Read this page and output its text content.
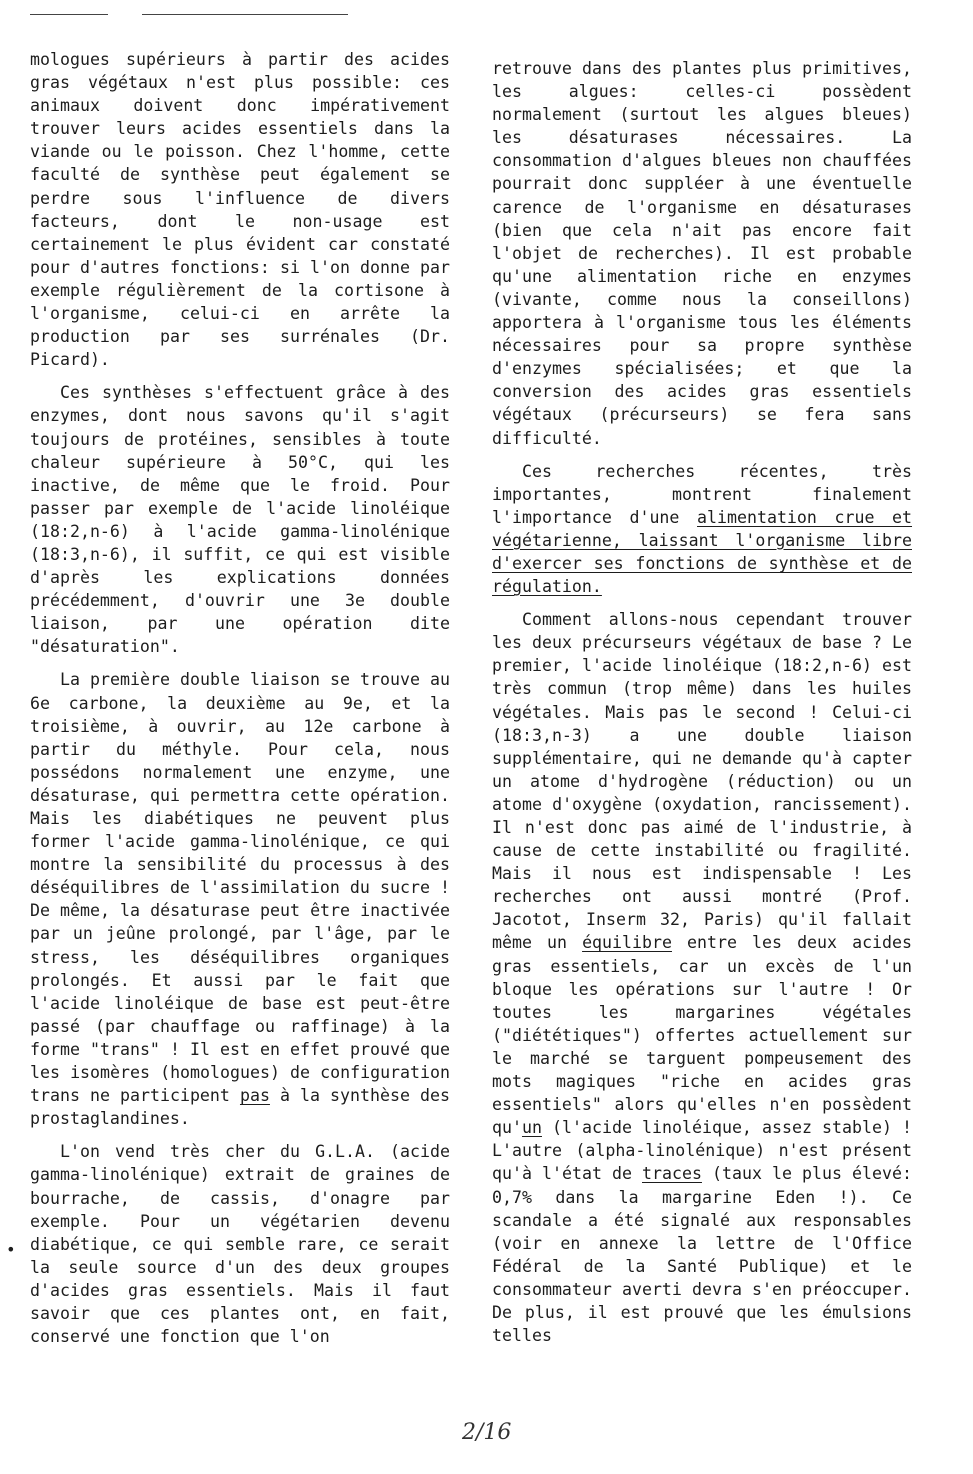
mologues supérieurs à partir des acides gras végétaux n'est plus possible: ces animaux doivent donc impérativement trouver leurs acides essentiels dans la viande ou le poisson. Chez l'homme, cette faculté de synthèse peut également se perdre sous l'influence de divers facteurs, dont le non-usage est certainement le plus évident car constaté pour d'autres fonctions: si l'on donne par exemple régulièrement de la cortisone à l'organisme, celui-ci en arrête la production par ses surrénales (Dr. Picard).

Ces synthèses s'effectuent grâce à des enzymes, dont nous savons qu'il s'agit toujours de protéines, sensibles à toute chaleur supérieure à 50°C, qui les inactive, de même que le froid. Pour passer par exemple de l'acide linoléique (18:2,n-6) à l'acide gamma-linolénique (18:3,n-6), il suffit, ce qui est visible d'après les explications données précédemment, d'ouvrir une 3e double liaison, par une opération dite "désaturation".

La première double liaison se trouve au 6e carbone, la deuxième au 9e, et la troisième, à ouvrir, au 12e carbone à partir du méthyle. Pour cela, nous possédons normalement une enzyme, une désaturase, qui permettra cette opération. Mais les diabétiques ne peuvent plus former l'acide gamma-linolénique, ce qui montre la sensibilité du processus à des déséquilibres de l'assimilation du sucre ! De même, la désaturase peut être inactivée par un jeûne prolongé, par l'âge, par le stress, les déséquilibres organiques prolongés. Et aussi par le fait que l'acide linoléique de base est peut-être passé (par chauffage ou raffinage) à la forme "trans" ! Il est en effet prouvé que les isomères (homologues) de configuration trans ne participent pas à la synthèse des prostaglandines.

L'on vend très cher du G.L.A. (acide gamma-linolénique) extrait de graines de bourrache, de cassis, d'onagre par exemple. Pour un végétarien devenu diabétique, ce qui semble rare, ce serait la seule source d'un des deux groupes d'acides gras essentiels. Mais il faut savoir que ces plantes ont, en fait, conservé une fonction que l'on

retrouve dans des plantes plus primitives, les algues: celles-ci possèdent normalement (surtout les algues bleues) les désaturases nécessaires. La consommation d'algues bleues non chauffées pourrait donc suppléer à une éventuelle carence de l'organisme en désaturases (bien que cela n'ait pas encore fait l'objet de recherches). Il est probable qu'une alimentation riche en enzymes (vivante, comme nous la conseillons) apportera à l'organisme tous les éléments nécessaires pour sa propre synthèse d'enzymes spécialisées; et que la conversion des acides gras essentiels végétaux (précurseurs) se fera sans difficulté.

Ces recherches récentes, très importantes, montrent finalement l'importance d'une alimentation crue et végétarienne, laissant l'organisme libre d'exercer ses fonctions de synthèse et de régulation.

Comment allons-nous cependant trouver les deux précurseurs végétaux de base ? Le premier, l'acide linoléique (18:2,n-6) est très commun (trop même) dans les huiles végétales. Mais pas le second ! Celui-ci (18:3,n-3) a une double liaison supplémentaire, qui ne demande qu'à capter un atome d'hydrogène (réduction) ou un atome d'oxygène (oxydation, rancissement). Il n'est donc pas aimé de l'industrie, à cause de cette instabilité ou fragilité. Mais il nous est indispensable ! Les recherches ont aussi montré (Prof. Jacotot, Inserm 32, Paris) qu'il fallait même un équilibre entre les deux acides gras essentiels, car un excès de l'un bloque les opérations sur l'autre ! Or toutes les margarines végétales ("diététiques") offertes actuellement sur le marché se targuent pompeusement des mots magiques "riche en acides gras essentiels" alors qu'elles n'en possèdent qu'un (l'acide linoléique, assez stable) ! L'autre (alpha-linolénique) n'est présent qu'à l'état de traces (taux le plus élevé: 0,7% dans la margarine Eden !). Ce scandale a été signalé aux responsables (voir en annexe la lettre de l'Office Fédéral de la Santé Publique) et le consommateur averti devra s'en préoccuper. De plus, il est prouvé que les émulsions telles

•
2/16
